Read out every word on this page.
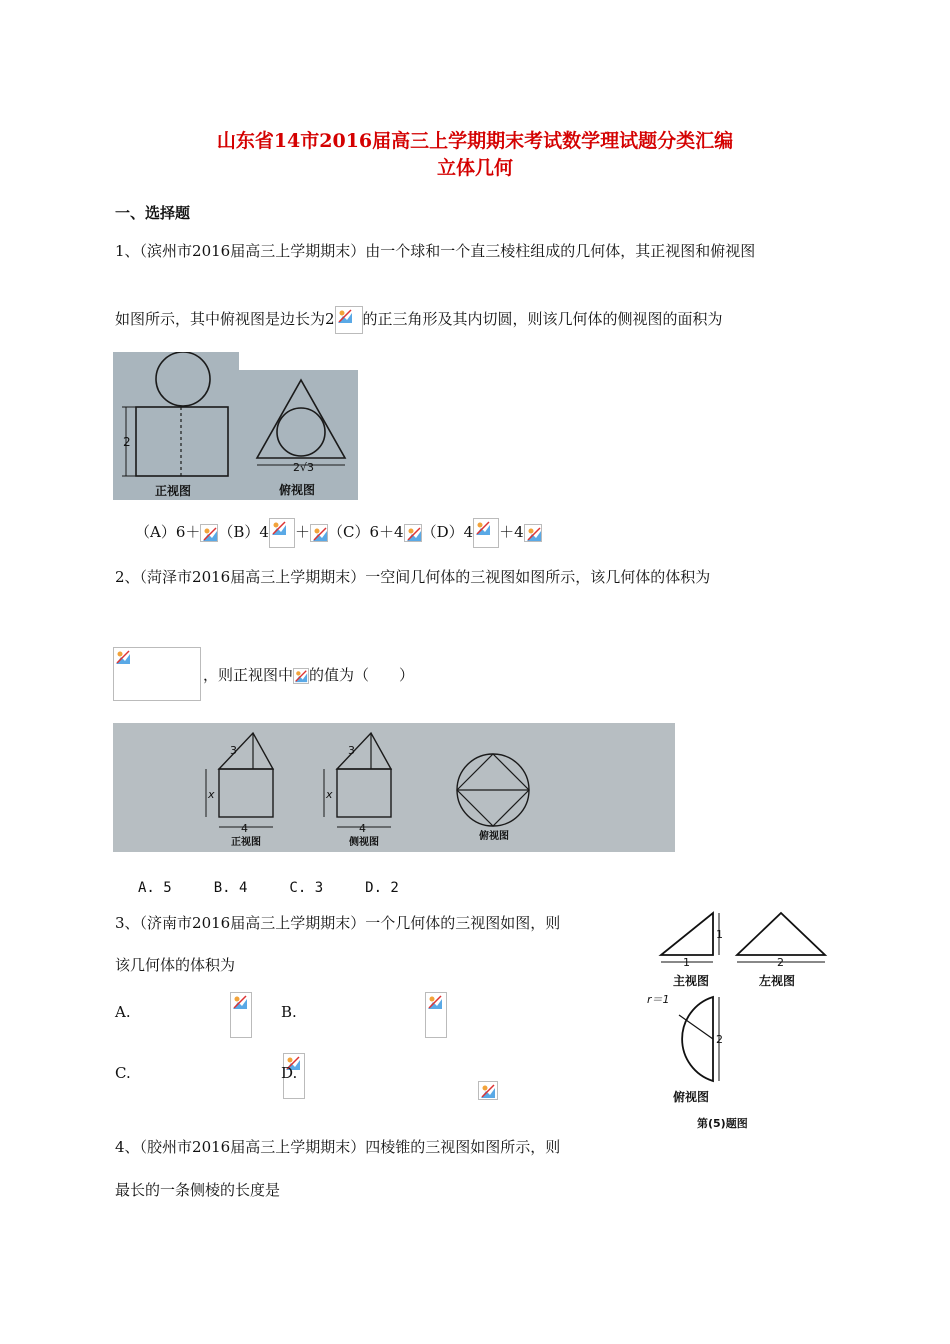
山东省14市2016届高三上学期期末考试数学理试题分类汇编
立体几何
一、选择题
1、（滨州市2016届高三上学期期末）由一个球和一个直三棱柱组成的几何体，其正视图和俯视图
如图所示，其中俯视图是边长为2 的正三角形及其内切圆，则该几何体的侧视图的面积为
2
正视图
2√3
俯视图
（A）6＋ （B）4 ＋ （C）6＋4 （D）4 ＋4
2、（菏泽市2016届高三上学期期末）一空间几何体的三视图如图所示，该几何体的体积为

，则正视图中 的值为（　　）
3
x
4
正视图
3
x
4
侧视图
俯视图
A. 5　　　B. 4　　　C. 3　　　D. 2
3、（济南市2016届高三上学期期末）一个几何体的三视图如图，则
该几何体的体积为
A.
	B.

C.
	D.
1
1
主视图
2
左视图
2
r＝1
俯视图
第(5)题图
4、（胶州市2016届高三上学期期末）四棱锥的三视图如图所示，则
最长的一条侧棱的长度是
